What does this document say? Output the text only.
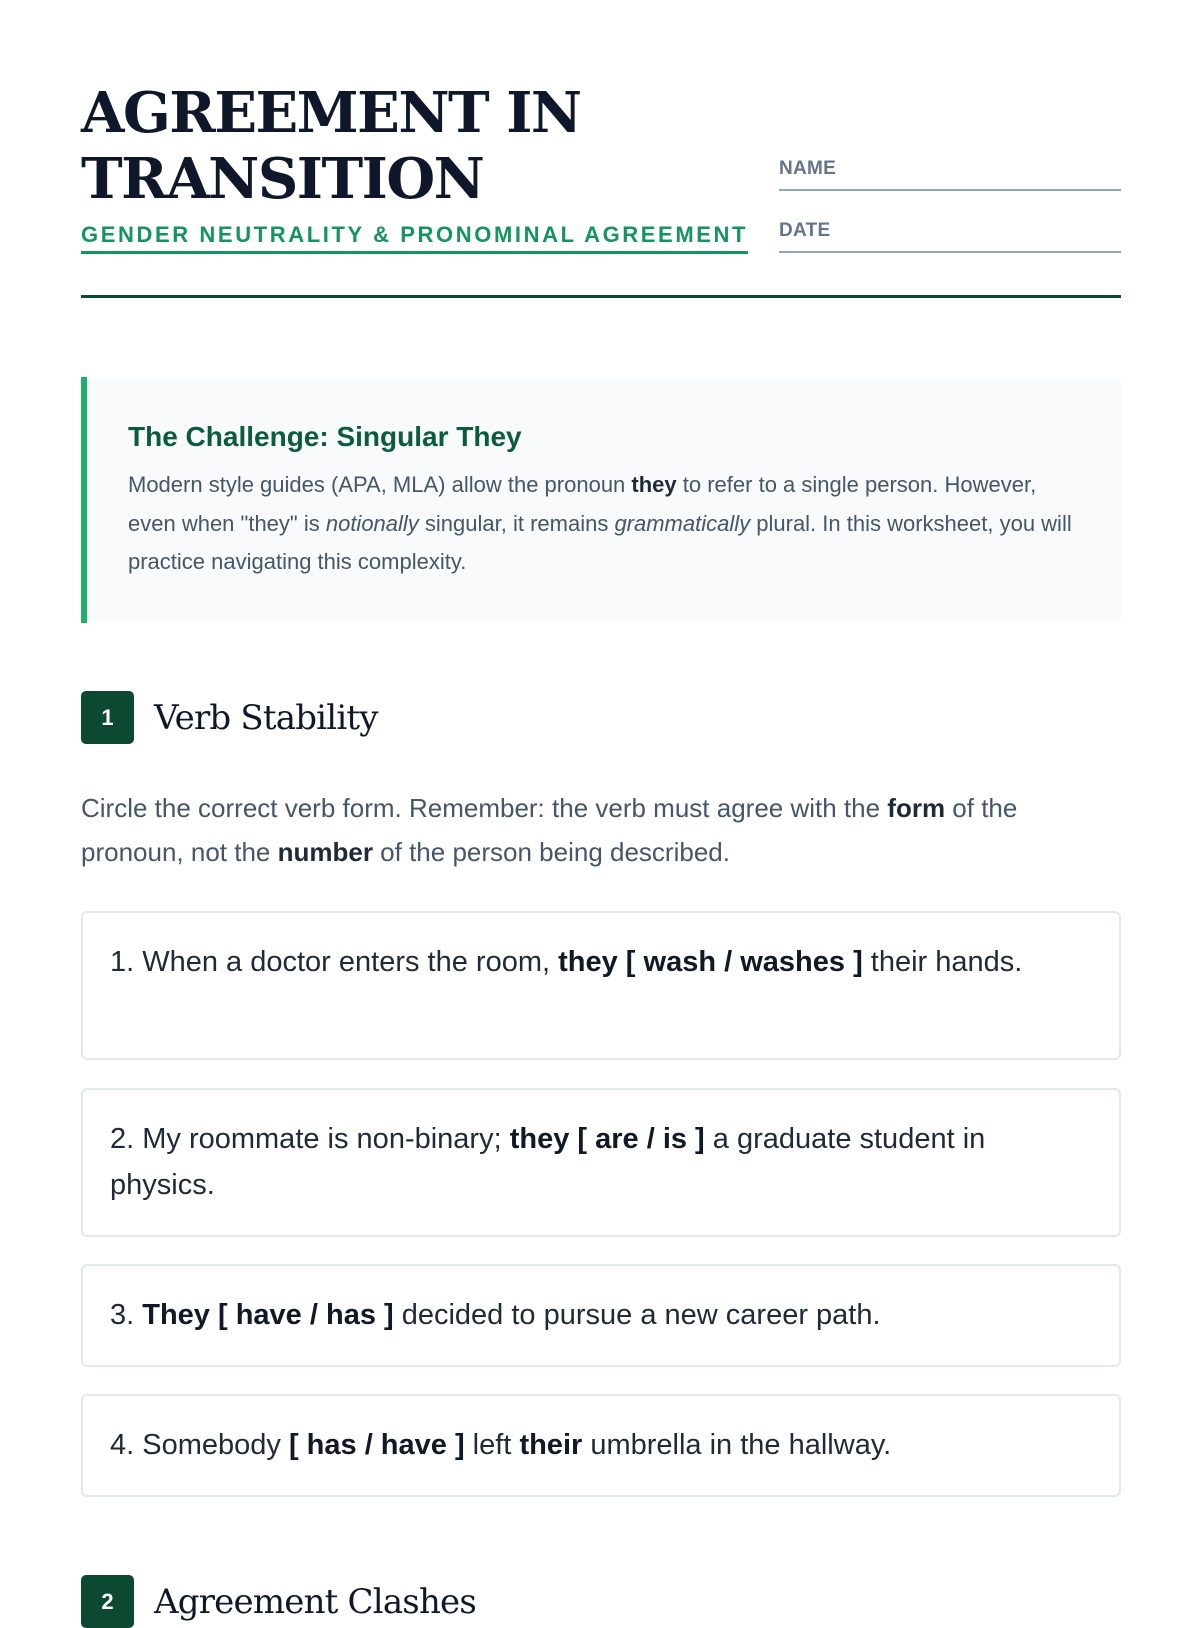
AGREEMENT IN
TRANSITION
GENDER NEUTRALITY & PRONOMINAL AGREEMENT
NAME
DATE
The Challenge: Singular They

Modern style guides (APA, MLA) allow the pronoun they to refer to a single person. However, even when "they" is notionally singular, it remains grammatically plural. In this worksheet, you will practice navigating this complexity.

1	Verb Stability

Circle the correct verb form. Remember: the verb must agree with the form of the pronoun, not the number of the person being described.

1. When a doctor enters the room, they [ wash / washes ] their hands.
2. My roommate is non-binary; they [ are / is ] a graduate student in physics.
3. They [ have / has ] decided to pursue a new career path.
4. Somebody [ has / have ] left their umbrella in the hallway.
2	Agreement Clashes
